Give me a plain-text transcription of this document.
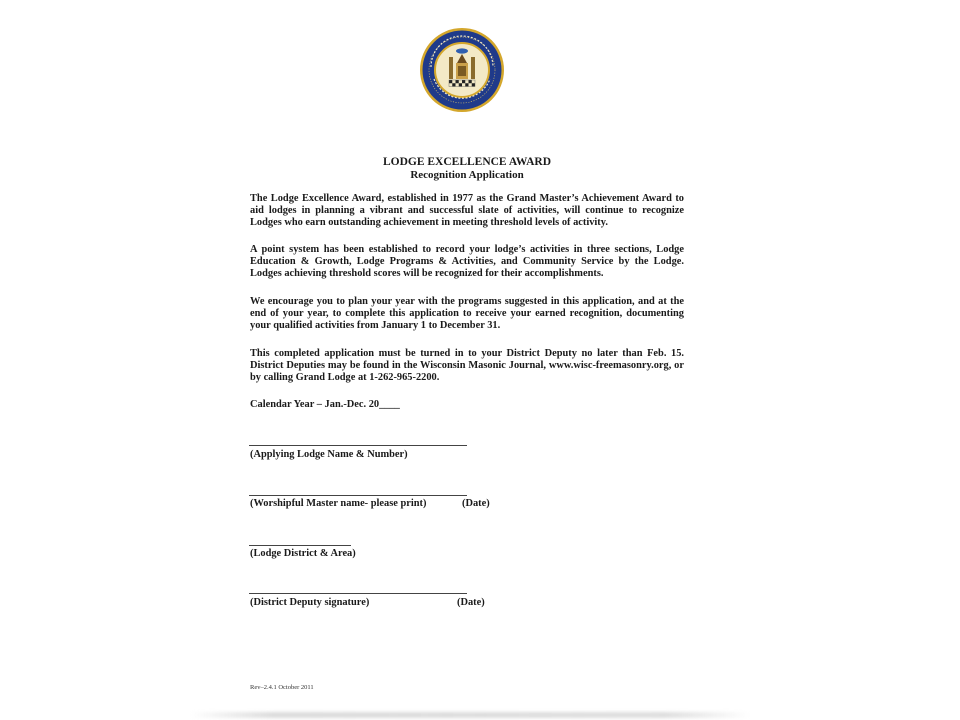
LODGE EXCELLENCE AWARD
Recognition Application

The Lodge Excellence Award, established in 1977 as the Grand Master’s Achievement Award to aid lodges in planning a vibrant and successful slate of activities, will continue to recognize Lodges who earn outstanding achievement in meeting threshold levels of activity.

A point system has been established to record your lodge’s activities in three sections, Lodge Education & Growth, Lodge Programs & Activities, and Community Service by the Lodge. Lodges achieving threshold scores will be recognized for their accomplishments.

We encourage you to plan your year with the programs suggested in this application, and at the end of your year, to complete this application to receive your earned recognition, documenting your qualified activities from January 1 to December 31.

This completed application must be turned in to your District Deputy no later than Feb. 15. District Deputies may be found in the Wisconsin Masonic Journal, www.wisc-freemasonry.org, or by calling Grand Lodge at 1-262-965-2200.

Calendar Year – Jan.-Dec. 20____
(Applying Lodge Name & Number)
(Worshipful Master name- please print)	(Date)
(Lodge District & Area)
(District Deputy signature)	(Date)
Rev–2.4.1 October 2011
